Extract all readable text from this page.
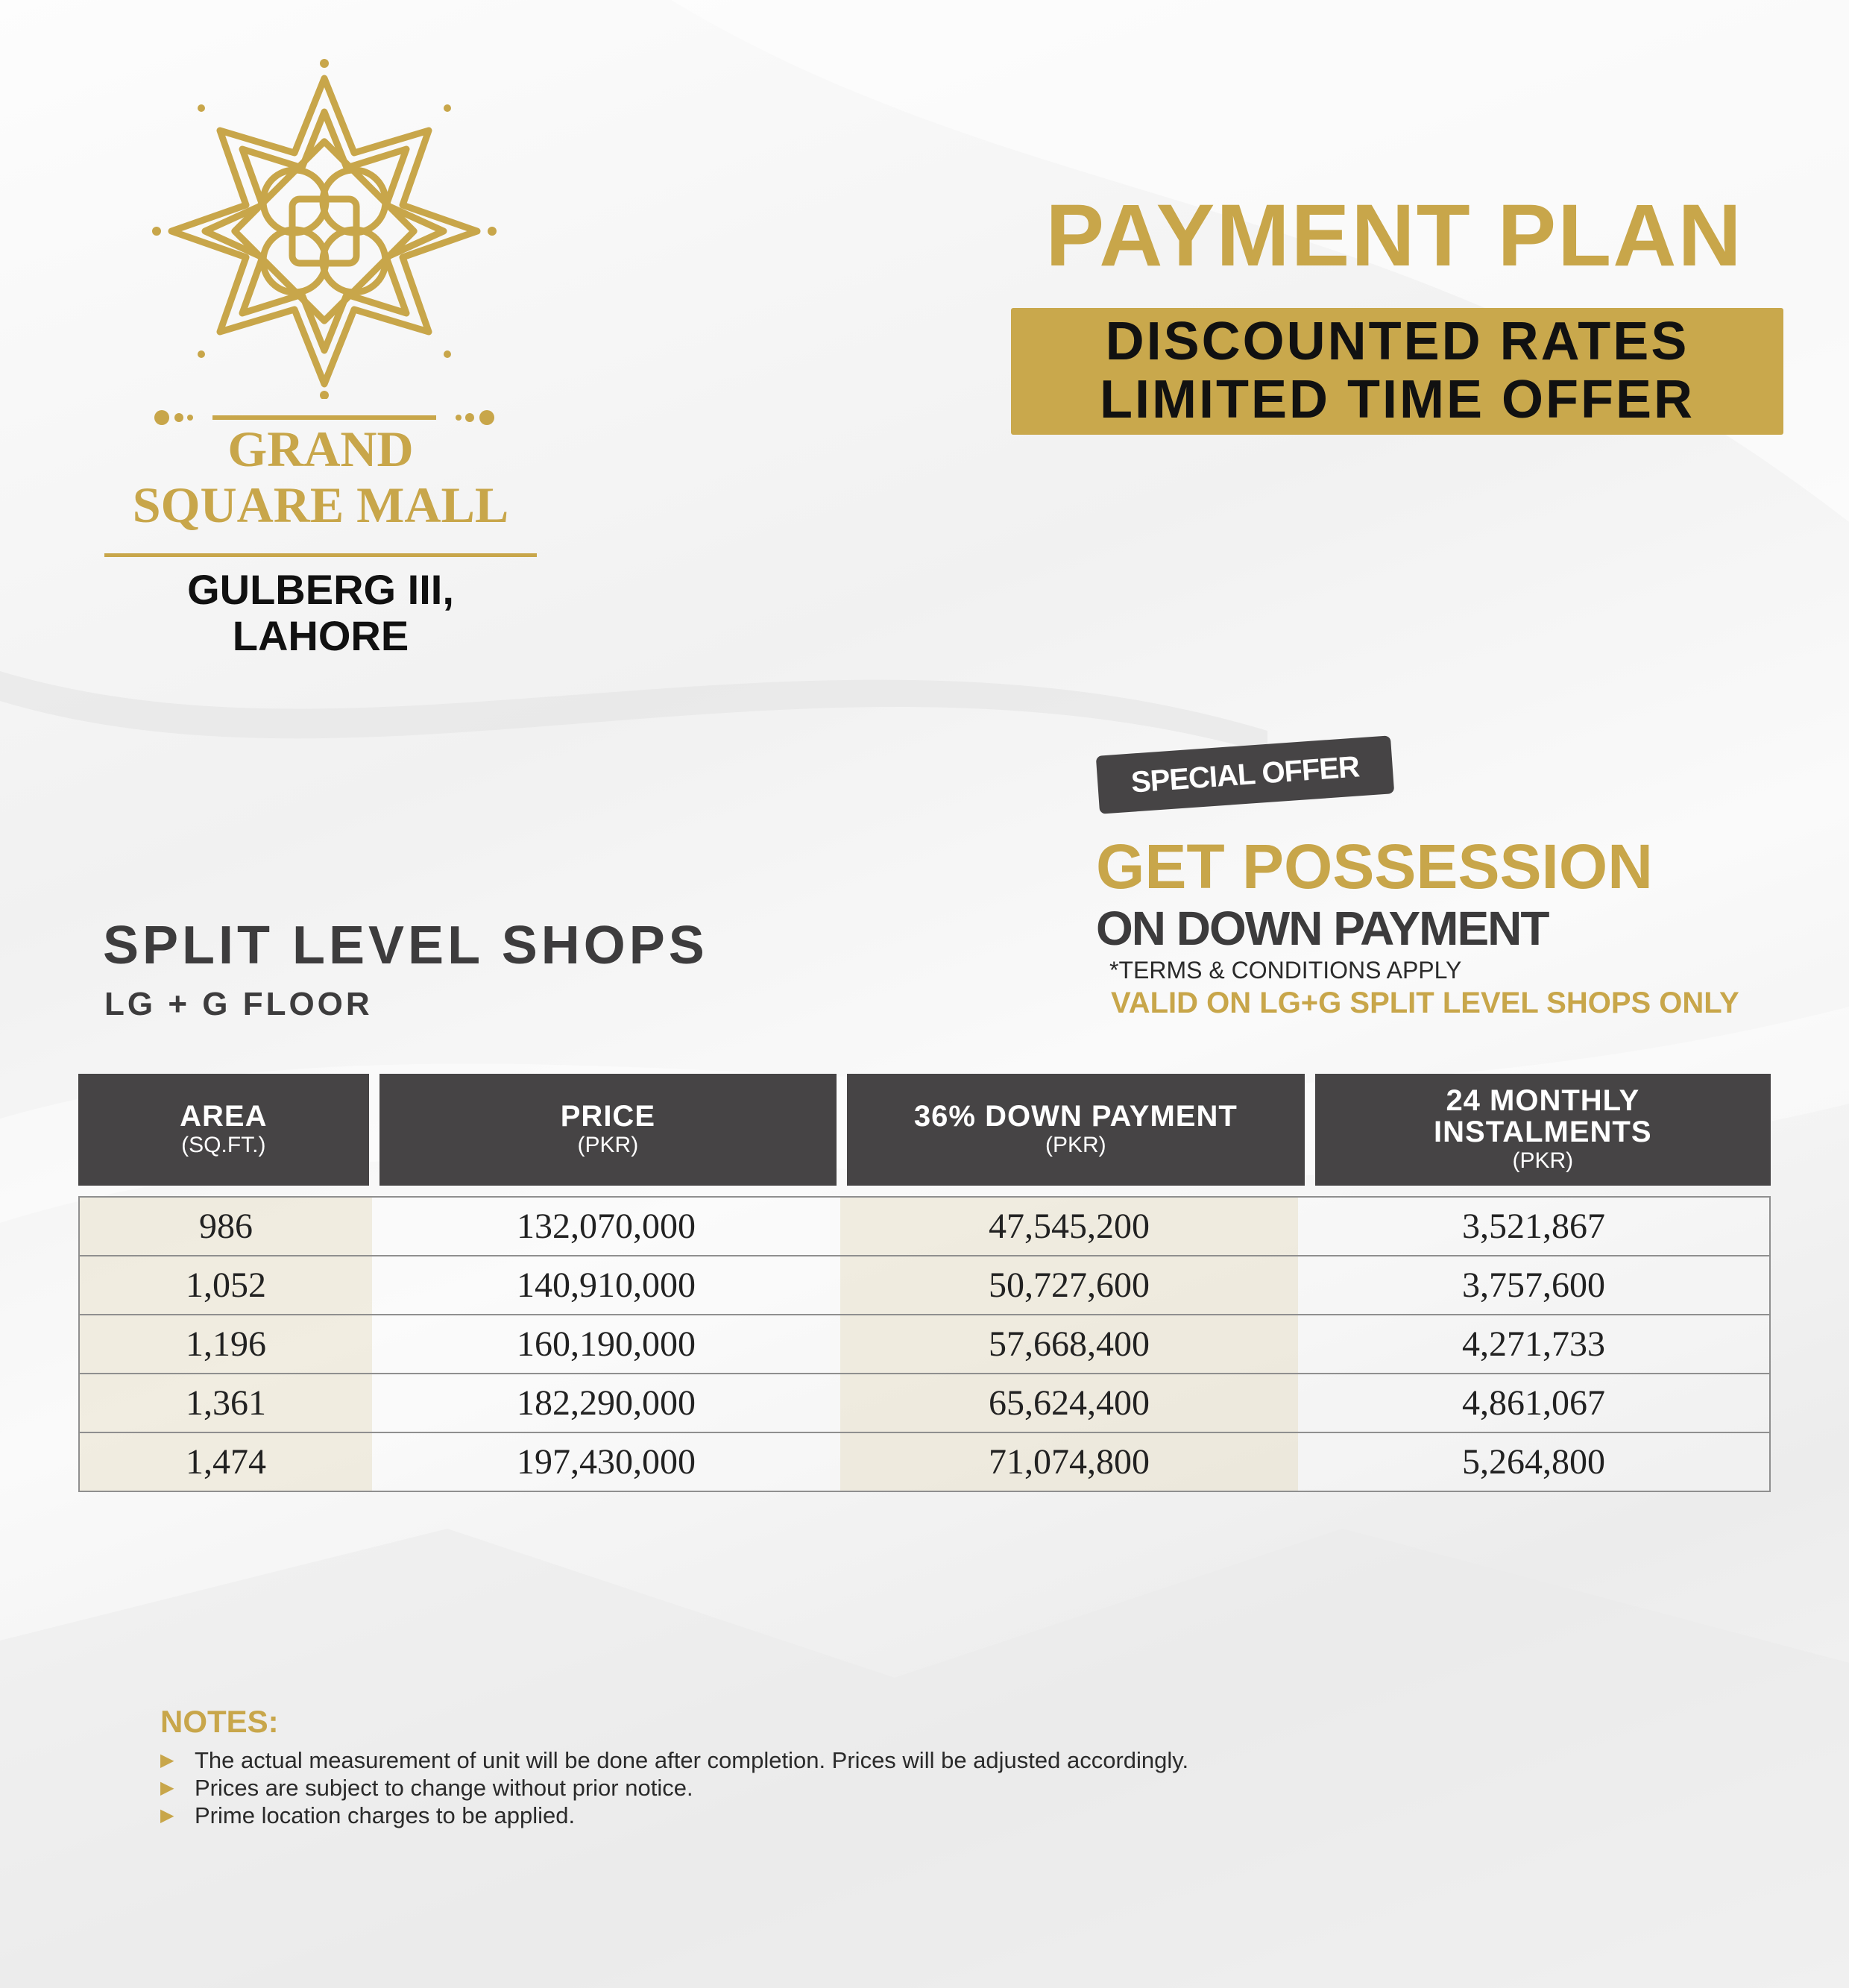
GRAND
SQUARE MALL
GULBERG III, LAHORE
PAYMENT PLAN
DISCOUNTED RATES
LIMITED TIME OFFER
SPECIAL OFFER
GET POSSESSION
ON DOWN PAYMENT
*TERMS & CONDITIONS APPLY
VALID ON LG+G SPLIT LEVEL SHOPS ONLY
SPLIT LEVEL SHOPS
LG + G FLOOR
AREA
(SQ.FT.)
PRICE
(PKR)
36% DOWN PAYMENT
(PKR)
24 MONTHLY INSTALMENTS
(PKR)
986	132,070,000	47,545,200	3,521,867
1,052	140,910,000	50,727,600	3,757,600
1,196	160,190,000	57,668,400	4,271,733
1,361	182,290,000	65,624,400	4,861,067
1,474	197,430,000	71,074,800	5,264,800
NOTES:
▶ The actual measurement of unit will be done after completion. Prices will be adjusted accordingly.
▶ Prices are subject to change without prior notice.
▶ Prime location charges to be applied.
